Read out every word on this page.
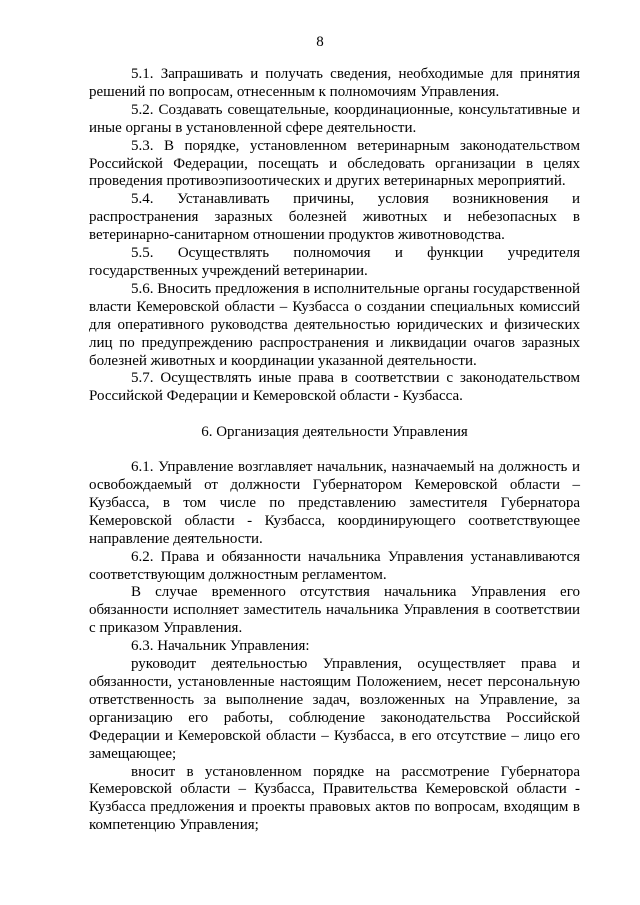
8

5.1. Запрашивать и получать сведения, необходимые для принятия решений по вопросам, отнесенным к полномочиям Управления.

5.2. Создавать совещательные, координационные, консультативные и иные органы в установленной сфере деятельности.

5.3. В порядке, установленном ветеринарным законодательством Российской Федерации, посещать и обследовать организации в целях проведения противоэпизоотических и других ветеринарных мероприятий.

5.4. Устанавливать причины, условия возникновения и распространения заразных болезней животных и небезопасных в ветеринарно-санитарном отношении продуктов животноводства.

5.5. Осуществлять полномочия и функции учредителя государственных учреждений ветеринарии.

5.6. Вносить предложения в исполнительные органы государственной власти Кемеровской области – Кузбасса о создании специальных комиссий для оперативного руководства деятельностью юридических и физических лиц по предупреждению распространения и ликвидации очагов заразных болезней животных и координации указанной деятельности.

5.7. Осуществлять иные права в соответствии с законодательством Российской Федерации и Кемеровской области - Кузбасса.

6. Организация деятельности Управления

6.1. Управление возглавляет начальник, назначаемый на должность и освобождаемый от должности Губернатором Кемеровской области – Кузбасса, в том числе по представлению заместителя Губернатора Кемеровской области - Кузбасса, координирующего соответствующее направление деятельности.

6.2. Права и обязанности начальника Управления устанавливаются соответствующим должностным регламентом.

В случае временного отсутствия начальника Управления его обязанности исполняет заместитель начальника Управления в соответствии с приказом Управления.

6.3. Начальник Управления:

руководит деятельностью Управления, осуществляет права и обязанности, установленные настоящим Положением, несет персональную ответственность за выполнение задач, возложенных на Управление, за организацию его работы, соблюдение законодательства Российской Федерации и Кемеровской области – Кузбасса, в его отсутствие – лицо его замещающее;

вносит в установленном порядке на рассмотрение Губернатора Кемеровской области – Кузбасса, Правительства Кемеровской области - Кузбасса предложения и проекты правовых актов по вопросам, входящим в компетенцию Управления;
